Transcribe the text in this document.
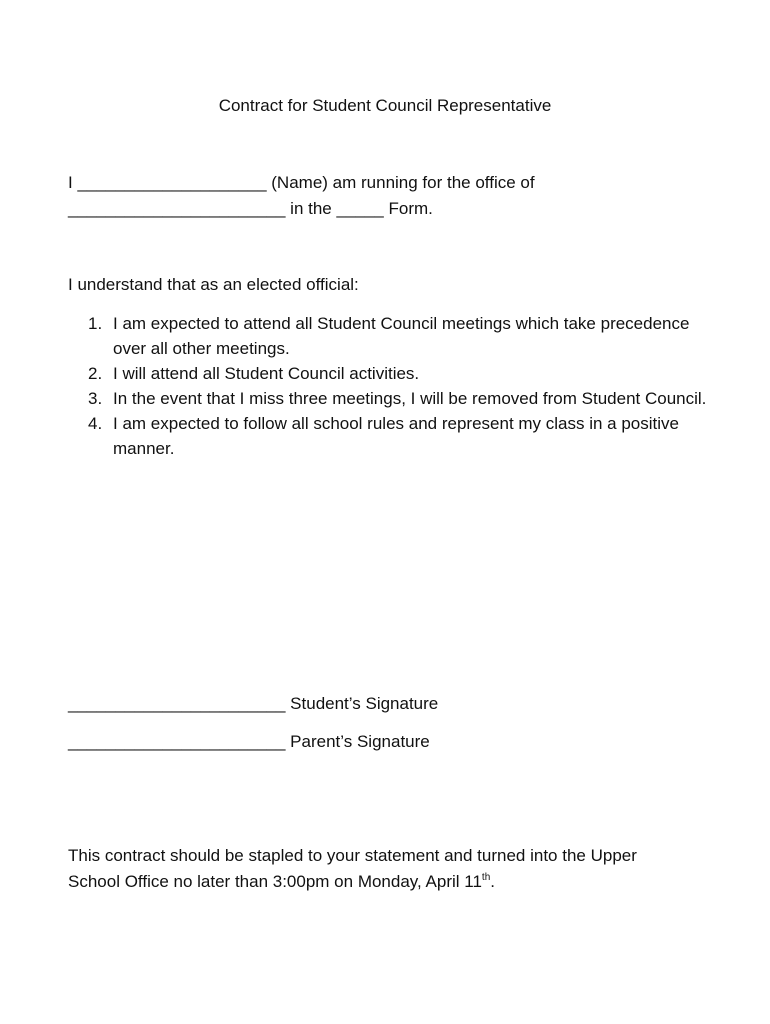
Contract for Student Council Representative
I ____________________ (Name) am running for the office of
_______________________ in the _____ Form.
I understand that as an elected official:
1. I am expected to attend all Student Council meetings which take precedence over all other meetings.
2. I will attend all Student Council activities.
3. In the event that I miss three meetings, I will be removed from Student Council.
4. I am expected to follow all school rules and represent my class in a positive manner.
_______________________ Student’s Signature
_______________________ Parent’s Signature
This contract should be stapled to your statement and turned into the Upper
School Office no later than 3:00pm on Monday, April 11th.
